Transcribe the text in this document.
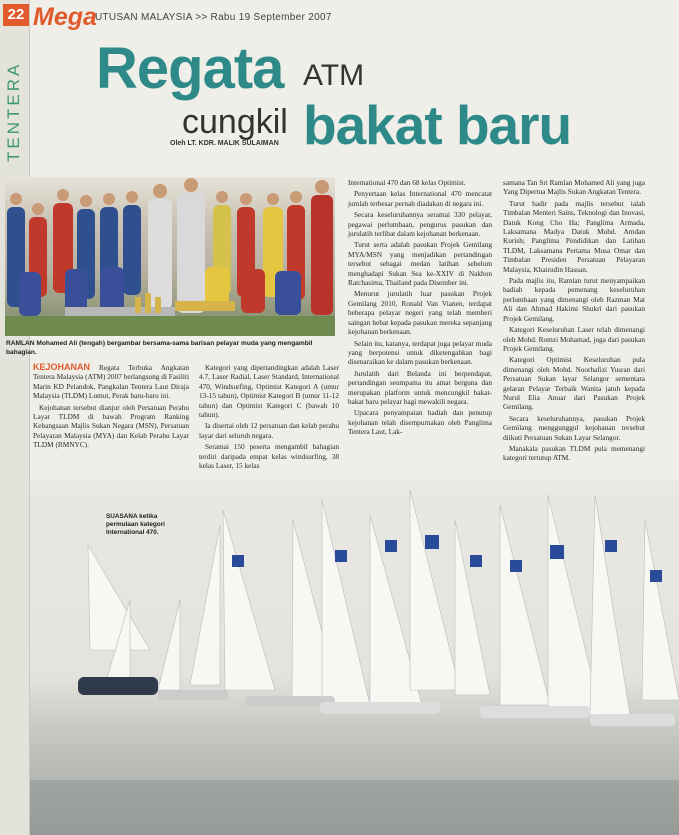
22
TENTERA
Mega
UTUSAN MALAYSIA >> Rabu 19 September 2007
Regata ATM
cungkil bakat baru
Oleh LT. KDR. MALIK SULAIMAN
RAMLAN Mohamed Ali (tengah) bergambar bersama-sama barisan pelayar muda yang mengambil bahagian.

KEJOHANAN Regata Terbuka Angkatan Tentera Malaysia (ATM) 2007 berlangsung di Fasiliti Marin KD Pelandok, Pangkalan Tentera Laut Diraja Malaysia (TLDM) Lumut, Perak baru-baru ini.

Kejohanan tersebut dianjur oleh Persatuan Perahu Layar TLDM di bawah Program Ranking Kebangsaan Majlis Sukan Negara (MSN), Persatuan Pelayaran Malaysia (MYA) dan Kelab Perahu Layar TLDM (RMNYC).

Kategori yang dipertandingkan adalah Laser 4.7, Laser Radial, Laser Standard, International 470, Windsurfing, Optimist Kategori A (umur 13-15 tahun), Optimist Kategori B (umur 11-12 tahun) dan Optimist Kategori C (bawah 10 tahun).

Ia disertai oleh 12 persatuan dan kelab perahu layar dari seluruh negara.

Seramai 150 peserta mengambil bahagian terdiri daripada empat kelas windsurfing, 38 kelas Laser, 15 kelas

International 470 dan 68 kelas Optimist.

Penyertaan kelas International 470 mencatat jumlah terbesar pernah diadakan di negara ini.

Secara keseluruhannya seramai 330 pelayar, pegawai perlumbaan, pengurus pasukan dan jurulatih terlibat dalam kejohanan berkenaan.

Turut serta adalah pasukan Projek Gemilang MYA/MSN yang menjadikan pertandingan tersebut sebagai medan latihan sebelum menghadapi Sukan Sea ke-XXIV di Nakhon Ratchasima, Thailand pada Disember ini.

Menurut jurulatih luar pasukan Projek Gemilang 2010, Ronald Van Vianen, terdapat beberapa pelayar negeri yang telah memberi saingan hebat kepada pasukan mereka sepanjang kejohanan berkenaan.

Selain itu, katanya, terdapat juga pelayar muda yang berpotensi untuk diketengahkan bagi disenaraikan ke dalam pasukan berkenaan.

Jurulatih dari Belanda ini berpendapat, pertandingan seumpama itu amat berguna dan merupakan platform untuk mencungkil bakat-bakat baru pelayar bagi mewakili negara.

Upacara penyampaian hadiah dan penutup kejohanan telah disempurnakan oleh Panglima Tentera Laut, Lak-

samana Tan Sri Ramlan Mohamed Ali yang juga Yang Dipertua Majlis Sukan Angkatan Tentera.

Turut hadir pada majlis tersebut ialah Timbalan Menteri Sains, Teknologi dan Inovasi, Datuk Kong Cho Ha; Panglima Armada, Laksamana Madya Datuk Mohd. Amdan Kurish; Panglima Pendidikan dan Latihan TLDM, Laksamana Pertama Musa Omar dan Timbalan Presiden Persatuan Pelayaran Malaysia, Khairudin Hassan.

Pada majlis itu, Ramlan turut menyampaikan hadiah kepada pemenang keseluruhan perlumbaan yang dimenangi oleh Razman Mat Ali dan Ahmad Hakimi Shukri dari pasukan Projek Gemilang.

Kategori Keseluruhan Laser telah dimenangi oleh Mohd. Romzi Mohamad, juga dari pasukan Projek Gemilang.

Kategori Optimist Keseluruhan pula dimenangi oleh Mohd. Noorhafizi Yusran dari Persatuan Sukan layar Selangor sementara gelaran Pelayar Terbaik Wanita jatuh kepada Nurul Elia Anuar dari Pasukan Projek Gemilang.

Secara keseluruhannya, pasukan Projek Gemilang menggunggul kejohanan tersebut diikuti Persatuan Sukan Layar Selangor.

Manakala pasukan TLDM pula memenangi kategori tertutup ATM.

SUASANA ketika permulaan kategori International 470.
